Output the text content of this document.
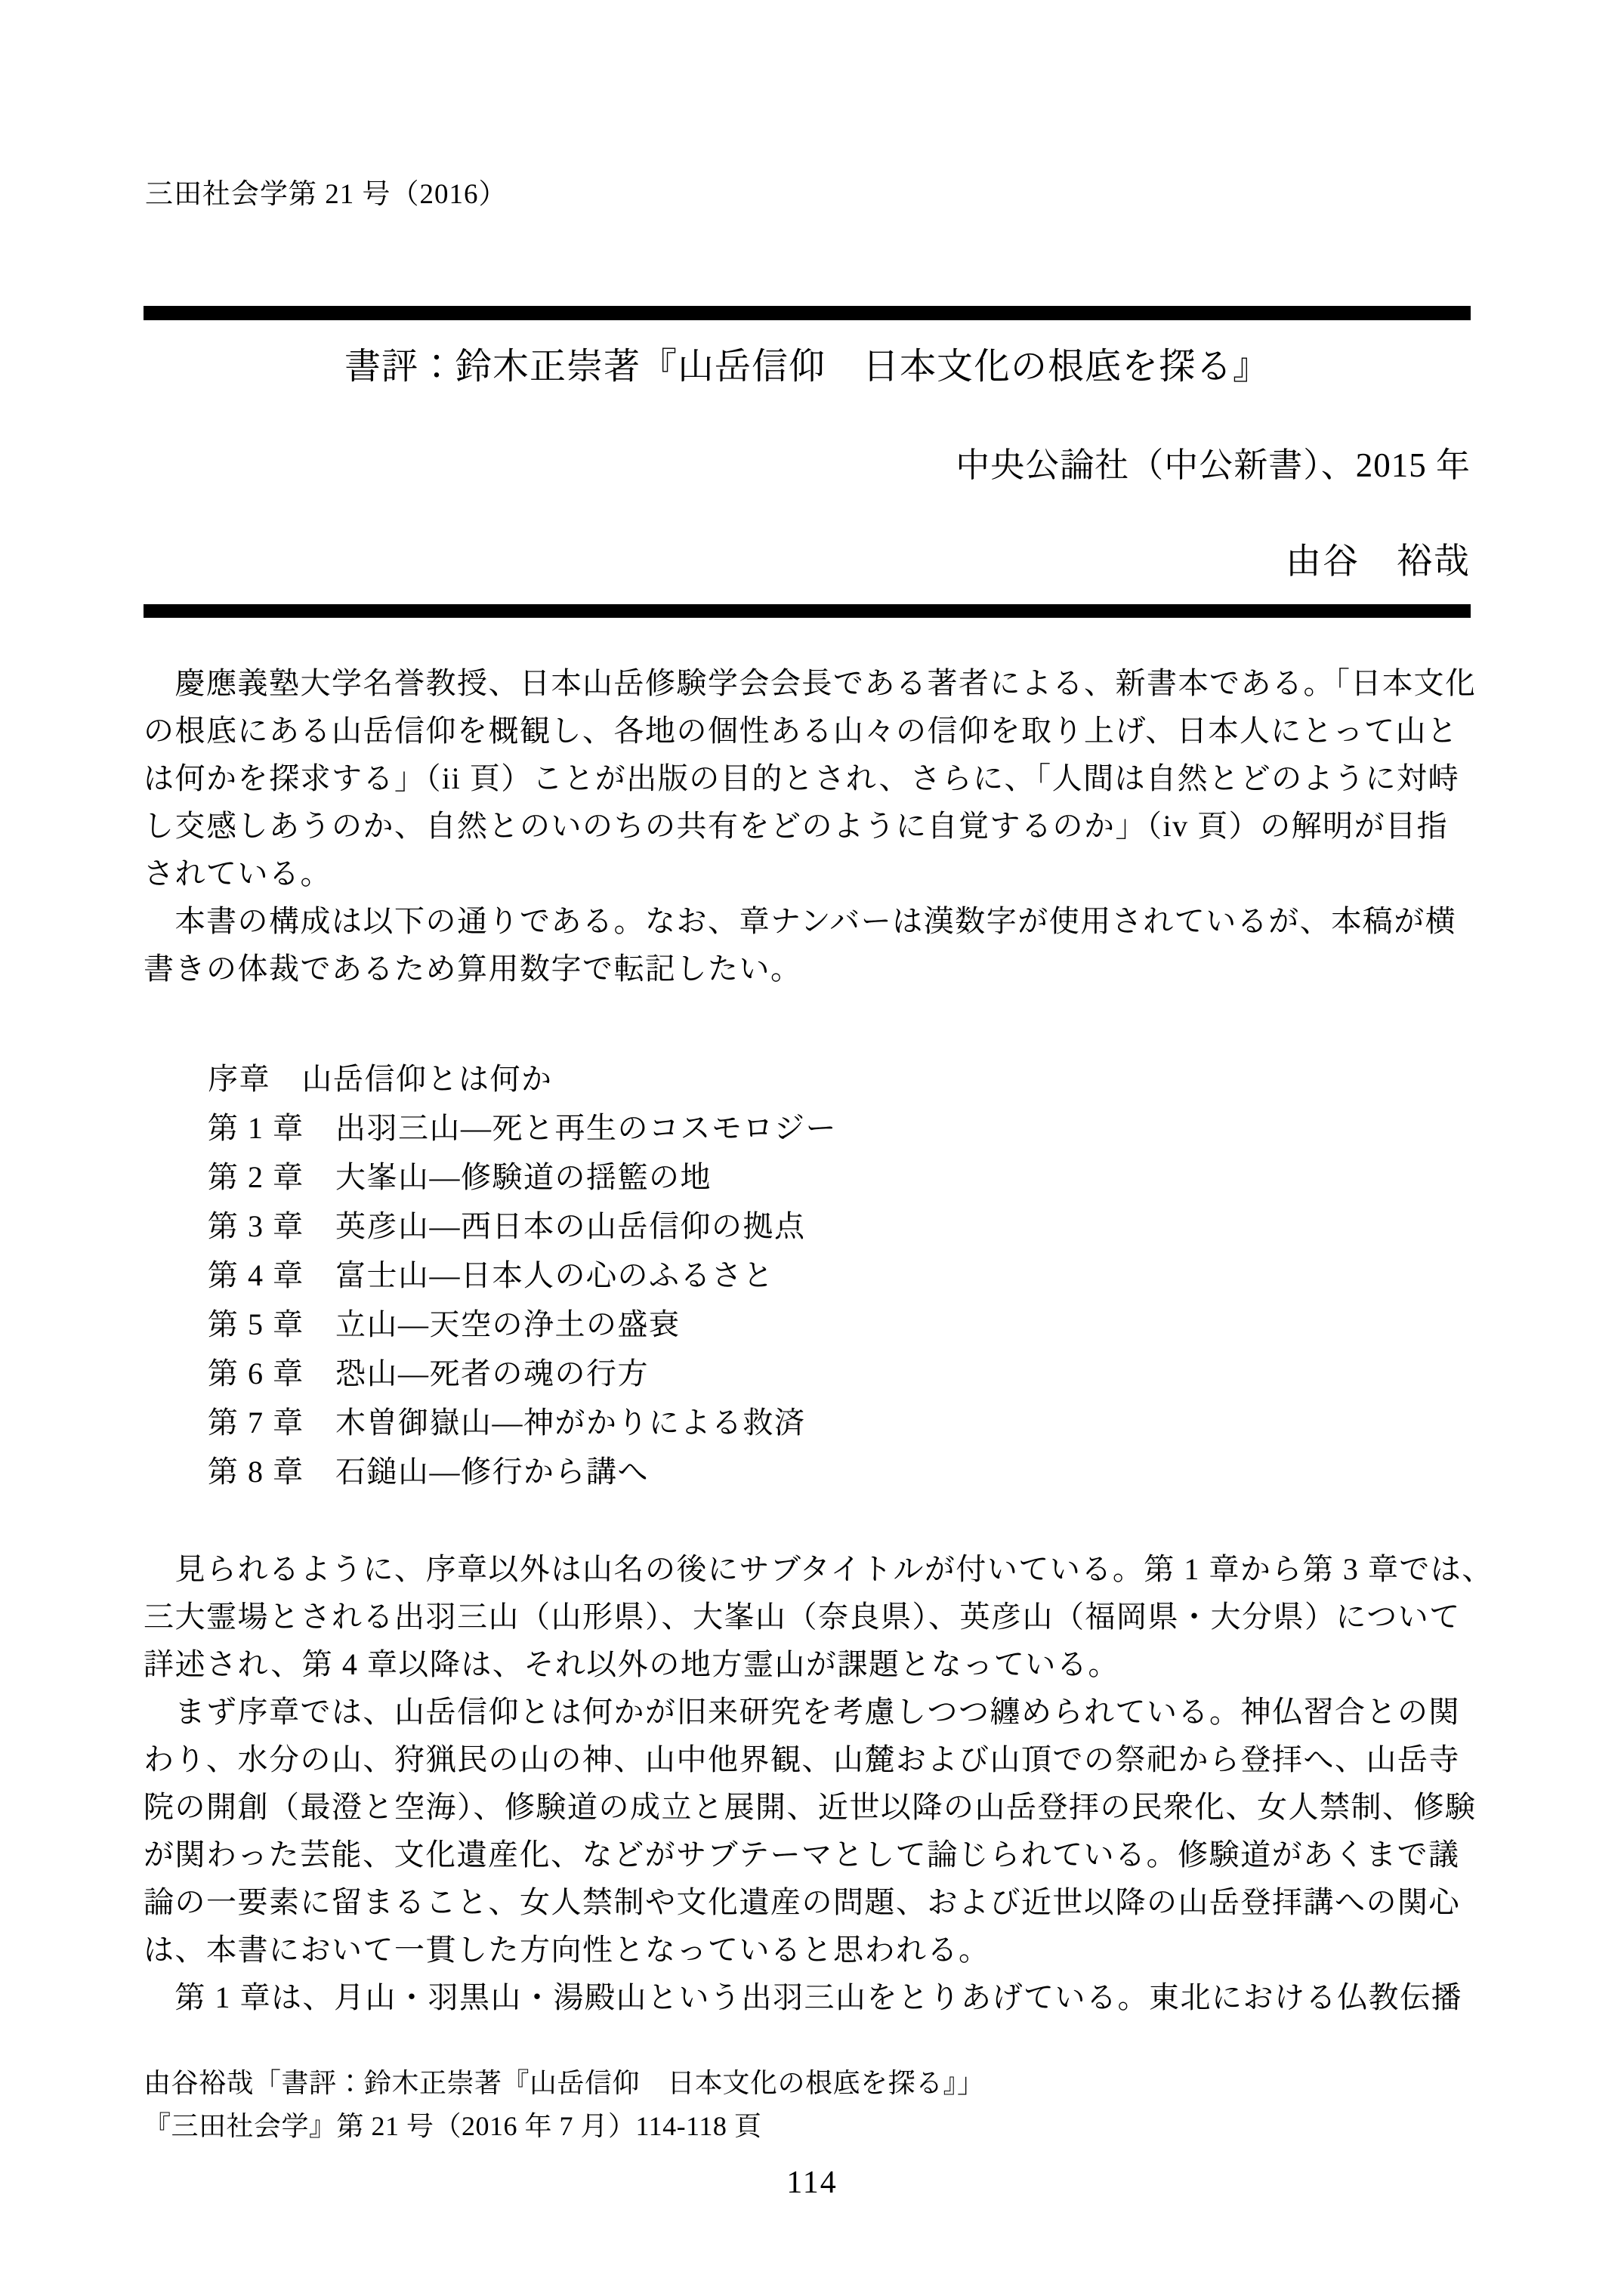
三田社会学第 21 号（2016）
書評：鈴木正崇著『山岳信仰　日本文化の根底を探る』
中央公論社（中公新書）、2015 年
由谷　裕哉
　慶應義塾大学名誉教授、日本山岳修験学会会長である著者による、新書本である。「日本文化
の根底にある山岳信仰を概観し、各地の個性ある山々の信仰を取り上げ、日本人にとって山と
は何かを探求する」（ii 頁）ことが出版の目的とされ、さらに、「人間は自然とどのように対峙
し交感しあうのか、自然とのいのちの共有をどのように自覚するのか」（iv 頁）の解明が目指
されている。
　本書の構成は以下の通りである。なお、章ナンバーは漢数字が使用されているが、本稿が横
書きの体裁であるため算用数字で転記したい。
序章　山岳信仰とは何か
第 1 章　出羽三山—死と再生のコスモロジー
第 2 章　大峯山—修験道の揺籃の地
第 3 章　英彦山—西日本の山岳信仰の拠点
第 4 章　富士山—日本人の心のふるさと
第 5 章　立山—天空の浄土の盛衰
第 6 章　恐山—死者の魂の行方
第 7 章　木曽御嶽山—神がかりによる救済
第 8 章　石鎚山—修行から講へ
　見られるように、序章以外は山名の後にサブタイトルが付いている。第 1 章から第 3 章では、
三大霊場とされる出羽三山（山形県）、大峯山（奈良県）、英彦山（福岡県・大分県）について
詳述され、第 4 章以降は、それ以外の地方霊山が課題となっている。
　まず序章では、山岳信仰とは何かが旧来研究を考慮しつつ纏められている。神仏習合との関
わり、水分の山、狩猟民の山の神、山中他界観、山麓および山頂での祭祀から登拝へ、山岳寺
院の開創（最澄と空海）、修験道の成立と展開、近世以降の山岳登拝の民衆化、女人禁制、修験
が関わった芸能、文化遺産化、などがサブテーマとして論じられている。修験道があくまで議
論の一要素に留まること、女人禁制や文化遺産の問題、および近世以降の山岳登拝講への関心
は、本書において一貫した方向性となっていると思われる。
　第 1 章は、月山・羽黒山・湯殿山という出羽三山をとりあげている。東北における仏教伝播
由谷裕哉「書評：鈴木正崇著『山岳信仰　日本文化の根底を探る』」
『三田社会学』第 21 号（2016 年 7 月）114-118 頁
114
